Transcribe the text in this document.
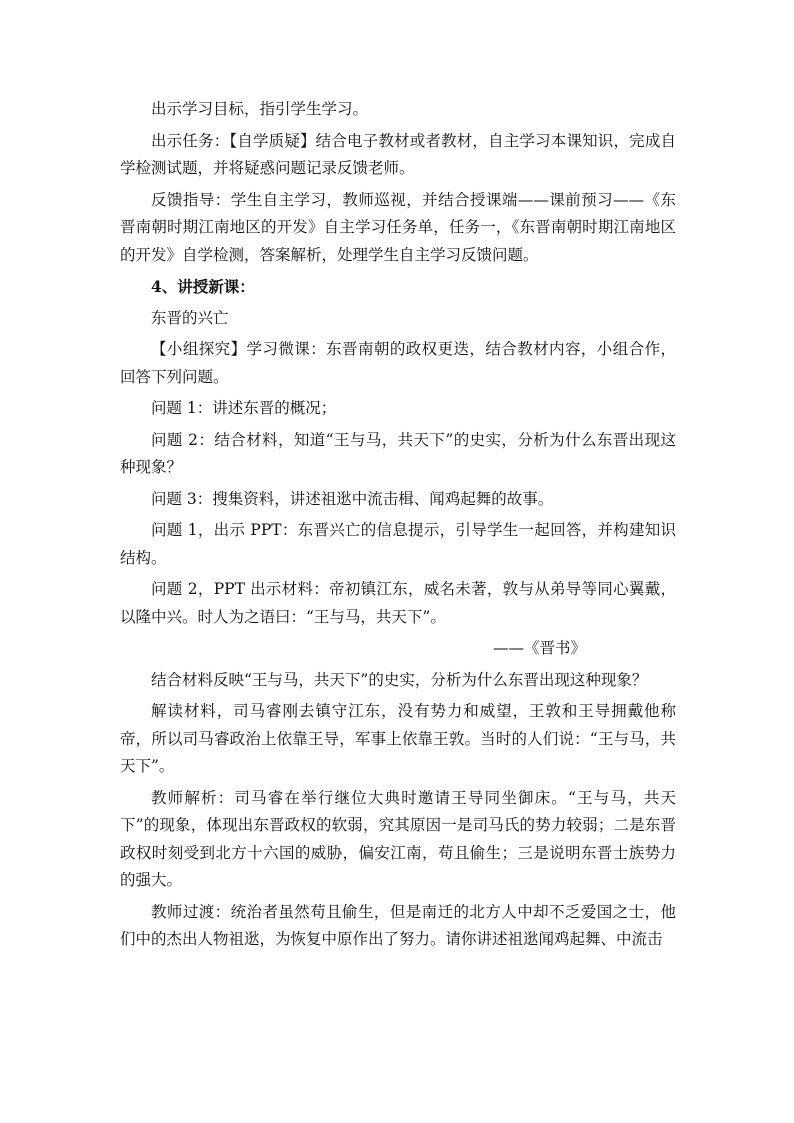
出示学习目标，指引学生学习。

出示任务：【自学质疑】结合电子教材或者教材，自主学习本课知识，完成自学检测试题，并将疑惑问题记录反馈老师。

反馈指导：学生自主学习，教师巡视，并结合授课端——课前预习——《东晋南朝时期江南地区的开发》自主学习任务单，任务一，《东晋南朝时期江南地区的开发》自学检测，答案解析，处理学生自主学习反馈问题。

4、讲授新课：

东晋的兴亡

【小组探究】学习微课：东晋南朝的政权更迭，结合教材内容，小组合作，回答下列问题。

问题 1：讲述东晋的概况；

问题 2：结合材料，知道“王与马，共天下”的史实，分析为什么东晋出现这种现象？

问题 3：搜集资料，讲述祖逖中流击楫、闻鸡起舞的故事。

问题 1，出示 PPT：东晋兴亡的信息提示，引导学生一起回答，并构建知识结构。

问题 2，PPT 出示材料：帝初镇江东，威名未著，敦与从弟导等同心翼戴，以隆中兴。时人为之语曰：“王与马，共天下”。

——《晋书》

结合材料反映“王与马，共天下”的史实，分析为什么东晋出现这种现象？

解读材料，司马睿刚去镇守江东，没有势力和威望，王敦和王导拥戴他称帝，所以司马睿政治上依靠王导，军事上依靠王敦。当时的人们说：“王与马，共天下”。

教师解析：司马睿在举行继位大典时邀请王导同坐御床。“王与马，共天下”的现象，体现出东晋政权的软弱，究其原因一是司马氏的势力较弱；二是东晋政权时刻受到北方十六国的威胁，偏安江南，苟且偷生；三是说明东晋士族势力的强大。

教师过渡：统治者虽然苟且偷生，但是南迁的北方人中却不乏爱国之士，他们中的杰出人物祖逖，为恢复中原作出了努力。请你讲述祖逖闻鸡起舞、中流击
